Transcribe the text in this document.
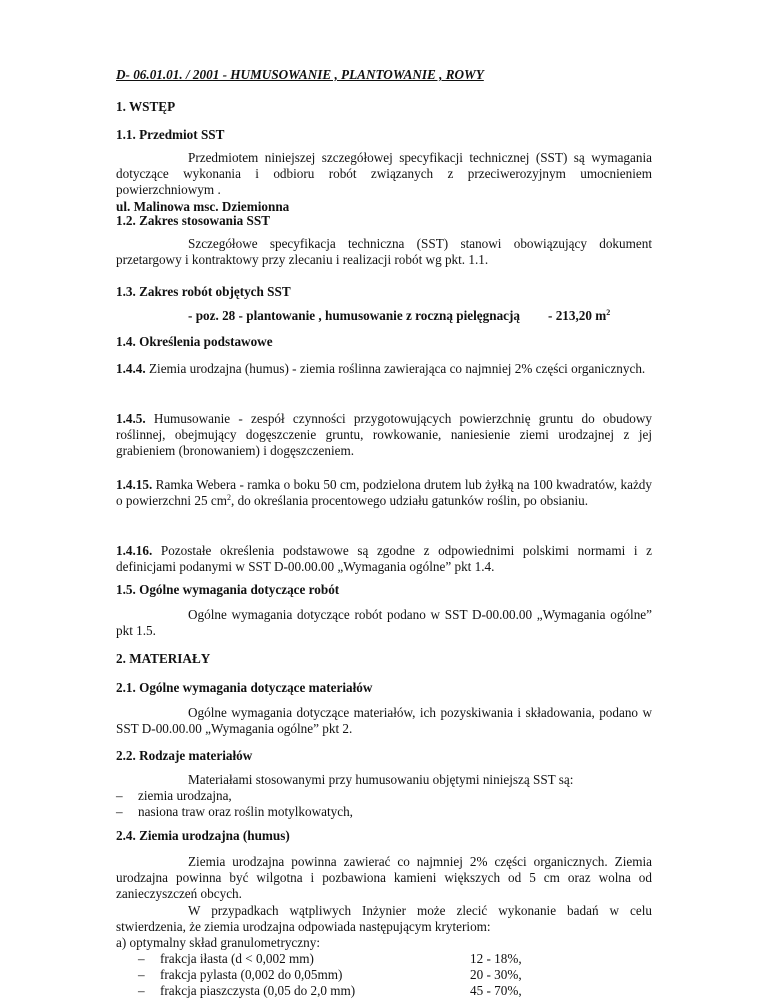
D- 06.01.01. / 2001 - HUMUSOWANIE , PLANTOWANIE , ROWY
1. WSTĘP
1.1. Przedmiot SST

Przedmiotem niniejszej szczegółowej specyfikacji technicznej (SST) są wymagania dotyczące wykonania i odbioru robót związanych z przeciwerozyjnym umocnieniem powierzchniowym .

ul. Malinowa msc. Dziemionna

1.2. Zakres stosowania SST

Szczegółowe specyfikacja techniczna (SST) stanowi obowiązujący dokument przetargowy i kontraktowy przy zlecaniu i realizacji robót wg pkt. 1.1.

1.3. Zakres robót objętych SST
- poz. 28 - plantowanie , humusowanie z roczną pielęgnacją - 213,20 $m^2$
1.4. Określenia podstawowe

1.4.4. Ziemia urodzajna (humus) - ziemia roślinna zawierająca co najmniej 2% części organicznych.

1.4.5. Humusowanie - zespół czynności przygotowujących powierzchnię gruntu do obudowy roślinnej, obejmujący dogęszczenie gruntu, rowkowanie, naniesienie ziemi urodzajnej z jej grabieniem (bronowaniem) i dogęszczeniem.

1.4.15. Ramka Webera - ramka o boku 50 cm, podzielona drutem lub żyłką na 100 kwadratów, każdy o powierzchni 25 $cm^2$, do określania procentowego udziału gatunków roślin, po obsianiu.

1.4.16. Pozostałe określenia podstawowe są zgodne z odpowiednimi polskimi normami i z definicjami podanymi w SST D-00.00.00 „Wymagania ogólne” pkt 1.4.

1.5. Ogólne wymagania dotyczące robót

Ogólne wymagania dotyczące robót podano w SST D-00.00.00 „Wymagania ogólne” pkt 1.5.

2. MATERIAŁY
2.1. Ogólne wymagania dotyczące materiałów

Ogólne wymagania dotyczące materiałów, ich pozyskiwania i składowania, podano w SST D-00.00.00 „Wymagania ogólne” pkt 2.

2.2. Rodzaje materiałów

Materiałami stosowanymi przy humusowaniu objętymi niniejszą SST są:

– ziemia urodzajna,

– nasiona traw oraz roślin motylkowatych,

2.4. Ziemia urodzajna (humus)

Ziemia urodzajna powinna zawierać co najmniej 2% części organicznych. Ziemia urodzajna powinna być wilgotna i pozbawiona kamieni większych od 5 cm oraz wolna od zanieczyszczeń obcych.

W przypadkach wątpliwych Inżynier może zlecić wykonanie badań w celu stwierdzenia, że ziemia urodzajna odpowiada następującym kryteriom:

a) optymalny skład granulometryczny:
– frakcja iłasta (d < 0,002 mm)	12 - 18%,
– frakcja pylasta (0,002 do 0,05mm)	20 - 30%,
– frakcja piaszczysta (0,05 do 2,0 mm)	45 - 70%,
